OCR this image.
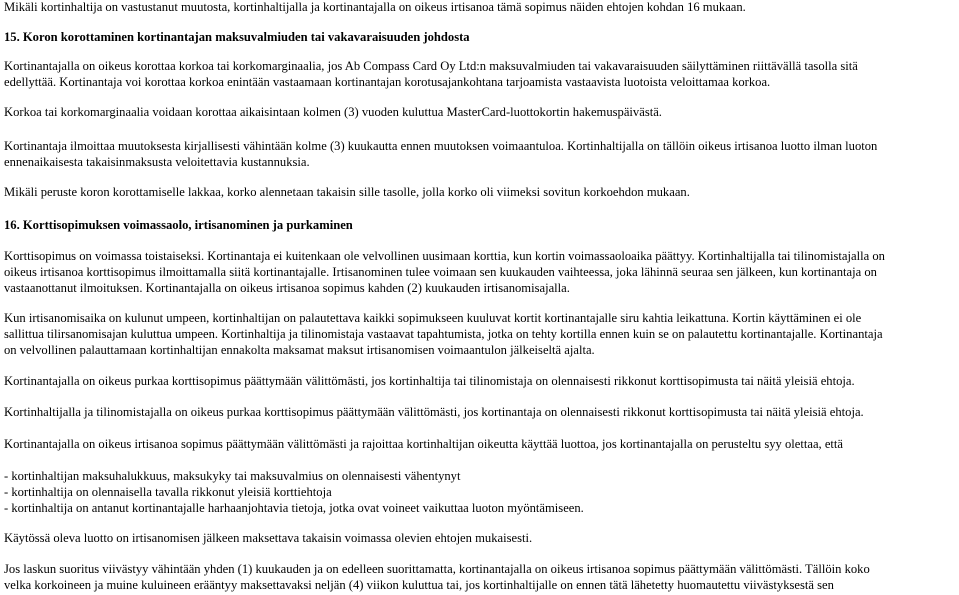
Mikäli kortinhaltija on vastustanut muutosta, kortinhaltijalla ja kortinantajalla on oikeus irtisanoa tämä sopimus näiden ehtojen kohdan 16 mukaan.
15. Koron korottaminen kortinantajan maksuvalmiuden tai vakavaraisuuden johdosta
Kortinantajalla on oikeus korottaa korkoa tai korkomarginaalia, jos Ab Compass Card Oy Ltd:n maksuvalmiuden tai vakavaraisuuden säilyttäminen riittävällä tasolla sitä
edellyttää. Kortinantaja voi korottaa korkoa enintään vastaamaan kortinantajan korotusajankohtana tarjoamista vastaavista luotoista veloittamaa korkoa.
Korkoa tai korkomarginaalia voidaan korottaa aikaisintaan kolmen (3) vuoden kuluttua MasterCard-luottokortin hakemuspäivästä.
Kortinantaja ilmoittaa muutoksesta kirjallisesti vähintään kolme (3) kuukautta ennen muutoksen voimaantuloa. Kortinhaltijalla on tällöin oikeus irtisanoa luotto ilman luoton
ennenaikaisesta takaisinmaksusta veloitettavia kustannuksia.
Mikäli peruste koron korottamiselle lakkaa, korko alennetaan takaisin sille tasolle, jolla korko oli viimeksi sovitun korkoehdon mukaan.
16. Korttisopimuksen voimassaolo, irtisanominen ja purkaminen
Korttisopimus on voimassa toistaiseksi. Kortinantaja ei kuitenkaan ole velvollinen uusimaan korttia, kun kortin voimassaoloaika päättyy. Kortinhaltijalla tai tilinomistajalla on
oikeus irtisanoa korttisopimus ilmoittamalla siitä kortinantajalle. Irtisanominen tulee voimaan sen kuukauden vaihteessa, joka lähinnä seuraa sen jälkeen, kun kortinantaja on
vastaanottanut ilmoituksen. Kortinantajalla on oikeus irtisanoa sopimus kahden (2) kuukauden irtisanomisajalla.
Kun irtisanomisaika on kulunut umpeen, kortinhaltijan on palautettava kaikki sopimukseen kuuluvat kortit kortinantajalle siru kahtia leikattuna. Kortin käyttäminen ei ole
sallittua tilirsanomisajan kuluttua umpeen. Kortinhaltija ja tilinomistaja vastaavat tapahtumista, jotka on tehty kortilla ennen kuin se on palautettu kortinantajalle. Kortinantaja
on velvollinen palauttamaan kortinhaltijan ennakolta maksamat maksut irtisanomisen voimaantulon jälkeiseltä ajalta.
Kortinantajalla on oikeus purkaa korttisopimus päättymään välittömästi, jos kortinhaltija tai tilinomistaja on olennaisesti rikkonut korttisopimusta tai näitä yleisiä ehtoja.
Kortinhaltijalla ja tilinomistajalla on oikeus purkaa korttisopimus päättymään välittömästi, jos kortinantaja on olennaisesti rikkonut korttisopimusta tai näitä yleisiä ehtoja.
Kortinantajalla on oikeus irtisanoa sopimus päättymään välittömästi ja rajoittaa kortinhaltijan oikeutta käyttää luottoa, jos kortinantajalla on perusteltu syy olettaa, että
- kortinhaltijan maksuhalukkuus, maksukyky tai maksuvalmius on olennaisesti vähentynyt
- kortinhaltija on olennaisella tavalla rikkonut yleisiä korttiehtoja
- kortinhaltija on antanut kortinantajalle harhaanjohtavia tietoja, jotka ovat voineet vaikuttaa luoton myöntämiseen.
Käytössä oleva luotto on irtisanomisen jälkeen maksettava takaisin voimassa olevien ehtojen mukaisesti.
Jos laskun suoritus viivästyy vähintään yhden (1) kuukauden ja on edelleen suorittamatta, kortinantajalla on oikeus irtisanoa sopimus päättymään välittömästi. Tällöin koko
velka korkoineen ja muine kuluineen erääntyy maksettavaksi neljän (4) viikon kuluttua tai, jos kortinhaltijalle on ennen tätä lähetetty huomautettu viivästyksestä sen
